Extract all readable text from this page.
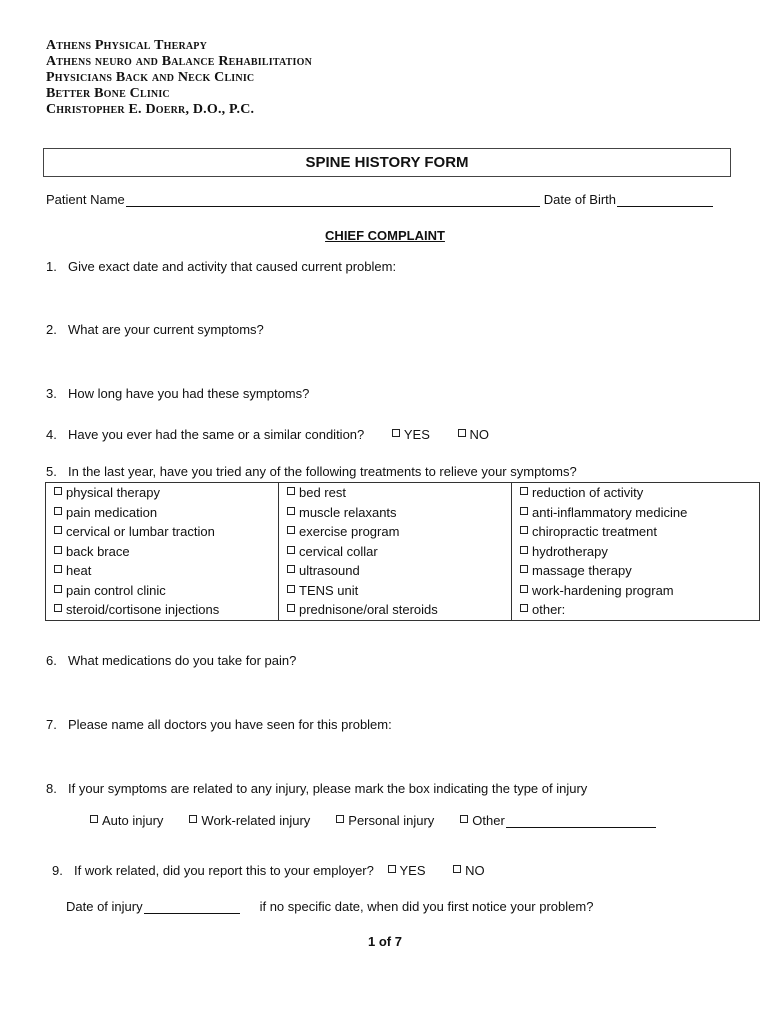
Athens Physical Therapy
Athens neuro and Balance Rehabilitation
Physicians Back and Neck Clinic
Better Bone Clinic
Christopher E. Doerr, D.O., P.C.
SPINE HISTORY FORM
Patient Name	Date of Birth
CHIEF COMPLAINT
1. Give exact date and activity that caused current problem:
2. What are your current symptoms?
3. How long have you had these symptoms?
4. Have you ever had the same or a similar condition?	YES	NO
5. In the last year, have you tried any of the following treatments to relieve your symptoms?
physical therapy	bed rest	reduction of activity
pain medication	muscle relaxants	anti-inflammatory medicine
cervical or lumbar traction	exercise program	chiropractic treatment
back brace	cervical collar	hydrotherapy
heat	ultrasound	massage therapy
pain control clinic	TENS unit	work-hardening program
steroid/cortisone injections	prednisone/oral steroids	other:
6. What medications do you take for pain?
7. Please name all doctors you have seen for this problem:
8. If your symptoms are related to any injury, please mark the box indicating the type of injury
Auto injury	Work-related injury	Personal injury	Other
9. If work related, did you report this to your employer? YES	NO
Date of injury	if no specific date, when did you first notice your problem?
1 of 7
